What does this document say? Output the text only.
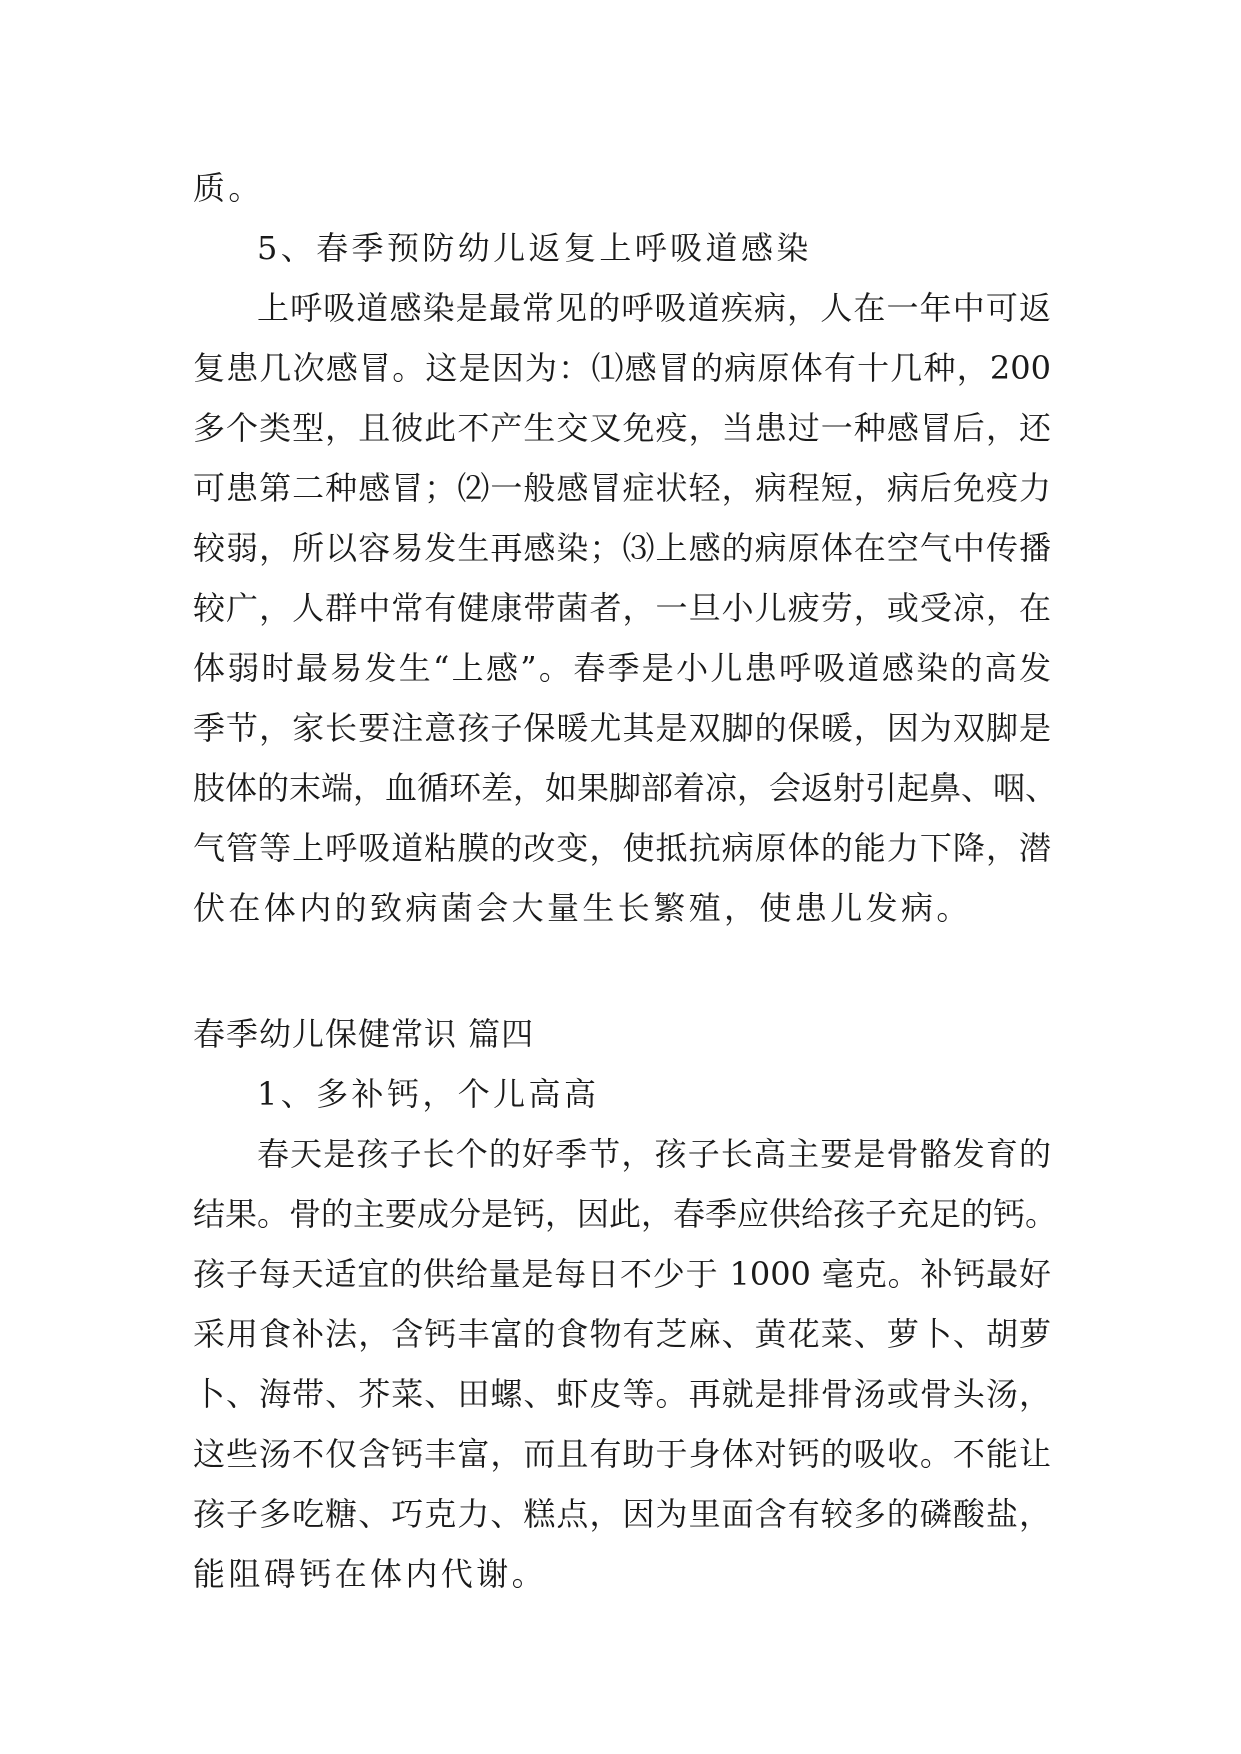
质。

5、春季预防幼儿返复上呼吸道感染

上呼吸道感染是最常见的呼吸道疾病，人在一年中可返

复患几次感冒。这是因为：⑴感冒的病原体有十几种，200

多个类型，且彼此不产生交叉免疫，当患过一种感冒后，还

可患第二种感冒；⑵一般感冒症状轻，病程短，病后免疫力

较弱，所以容易发生再感染；⑶上感的病原体在空气中传播

较广，人群中常有健康带菌者，一旦小儿疲劳，或受凉，在

体弱时最易发生“上感”。春季是小儿患呼吸道感染的高发

季节，家长要注意孩子保暖尤其是双脚的保暖，因为双脚是

肢体的末端，血循环差，如果脚部着凉，会返射引起鼻、咽、

气管等上呼吸道粘膜的改变，使抵抗病原体的能力下降，潜

伏在体内的致病菌会大量生长繁殖，使患儿发病。

春季幼儿保健常识 篇四

1、多补钙，个儿高高

春天是孩子长个的好季节，孩子长高主要是骨骼发育的

结果。骨的主要成分是钙，因此，春季应供给孩子充足的钙。

孩子每天适宜的供给量是每日不少于 1000 毫克。补钙最好

采用食补法，含钙丰富的食物有芝麻、黄花菜、萝卜、胡萝

卜、海带、芥菜、田螺、虾皮等。再就是排骨汤或骨头汤，

这些汤不仅含钙丰富，而且有助于身体对钙的吸收。不能让

孩子多吃糖、巧克力、糕点，因为里面含有较多的磷酸盐，

能阻碍钙在体内代谢。
